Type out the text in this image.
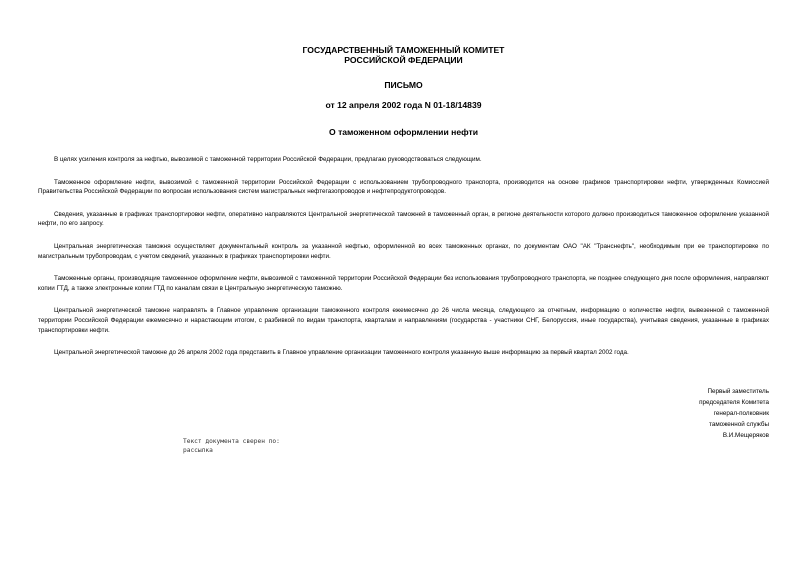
ГОСУДАРСТВЕННЫЙ ТАМОЖЕННЫЙ КОМИТЕТ
РОССИЙСКОЙ ФЕДЕРАЦИИ
ПИСЬМО
от 12 апреля 2002 года N 01-18/14839
О таможенном оформлении нефти

В целях усиления контроля за нефтью, вывозимой с таможенной территории Российской Федерации, предлагаю руководствоваться следующим.

Таможенное оформление нефти, вывозимой с таможенной территории Российской Федерации с использованием трубопроводного транспорта, производится на основе графиков транспортировки нефти, утвержденных Комиссией Правительства Российской Федерации по вопросам использования систем магистральных нефтегазопроводов и нефтепродуктопроводов.

Сведения, указанные в графиках транспортировки нефти, оперативно направляются Центральной энергетической таможней в таможенный орган, в регионе деятельности которого должно производиться таможенное оформление указанной нефти, по его запросу.

Центральная энергетическая таможня осуществляет документальный контроль за указанной нефтью, оформленной во всех таможенных органах, по документам ОАО "АК "Транснефть", необходимым при ее транспортировке по магистральным трубопроводам, с учетом сведений, указанных в графиках транспортировки нефти.

Таможенные органы, производящие таможенное оформление нефти, вывозимой с таможенной территории Российской Федерации без использования трубопроводного транспорта, не позднее следующего дня после оформления, направляют копии ГТД, а также электронные копии ГТД по каналам связи в Центральную энергетическую таможню.

Центральной энергетической таможне направлять в Главное управление организации таможенного контроля ежемесячно до 26 числа месяца, следующего за отчетным, информацию о количестве нефти, вывезенной с таможенной территории Российской Федерации ежемесячно и нарастающим итогом, с разбивкой по видам транспорта, кварталам и направлениям (государства - участники СНГ, Белоруссия, иные государства), учитывая сведения, указанные в графиках транспортировки нефти.

Центральной энергетической таможне до 26 апреля 2002 года представить в Главное управление организации таможенного контроля указанную выше информацию за первый квартал 2002 года.

Первый заместитель
председателя Комитета
генерал-полковник
таможенной службы
В.И.Мещеряков
Текст документа сверен по:
рассылка
